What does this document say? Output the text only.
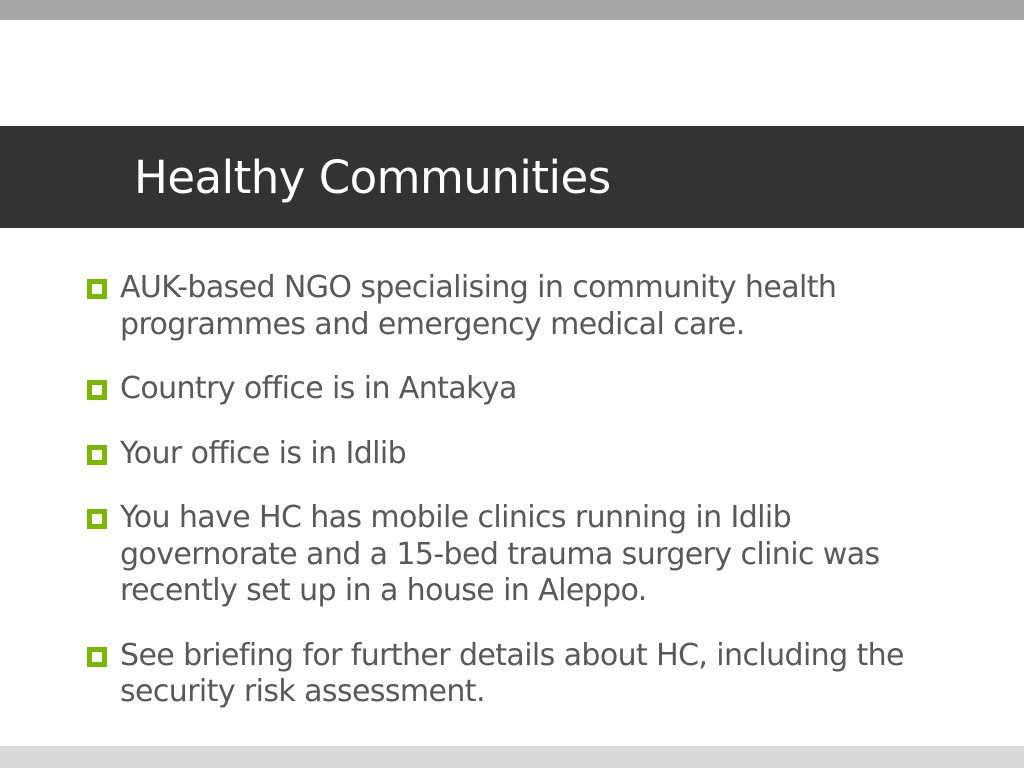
Healthy Communities
AUK-based NGO specialising in community health programmes and emergency medical care.
Country office is in Antakya
Your office is in Idlib
You have HC has mobile clinics running in Idlib governorate and a 15-bed trauma surgery clinic was recently set up in a house in Aleppo.
See briefing for further details about HC, including the security risk assessment.
